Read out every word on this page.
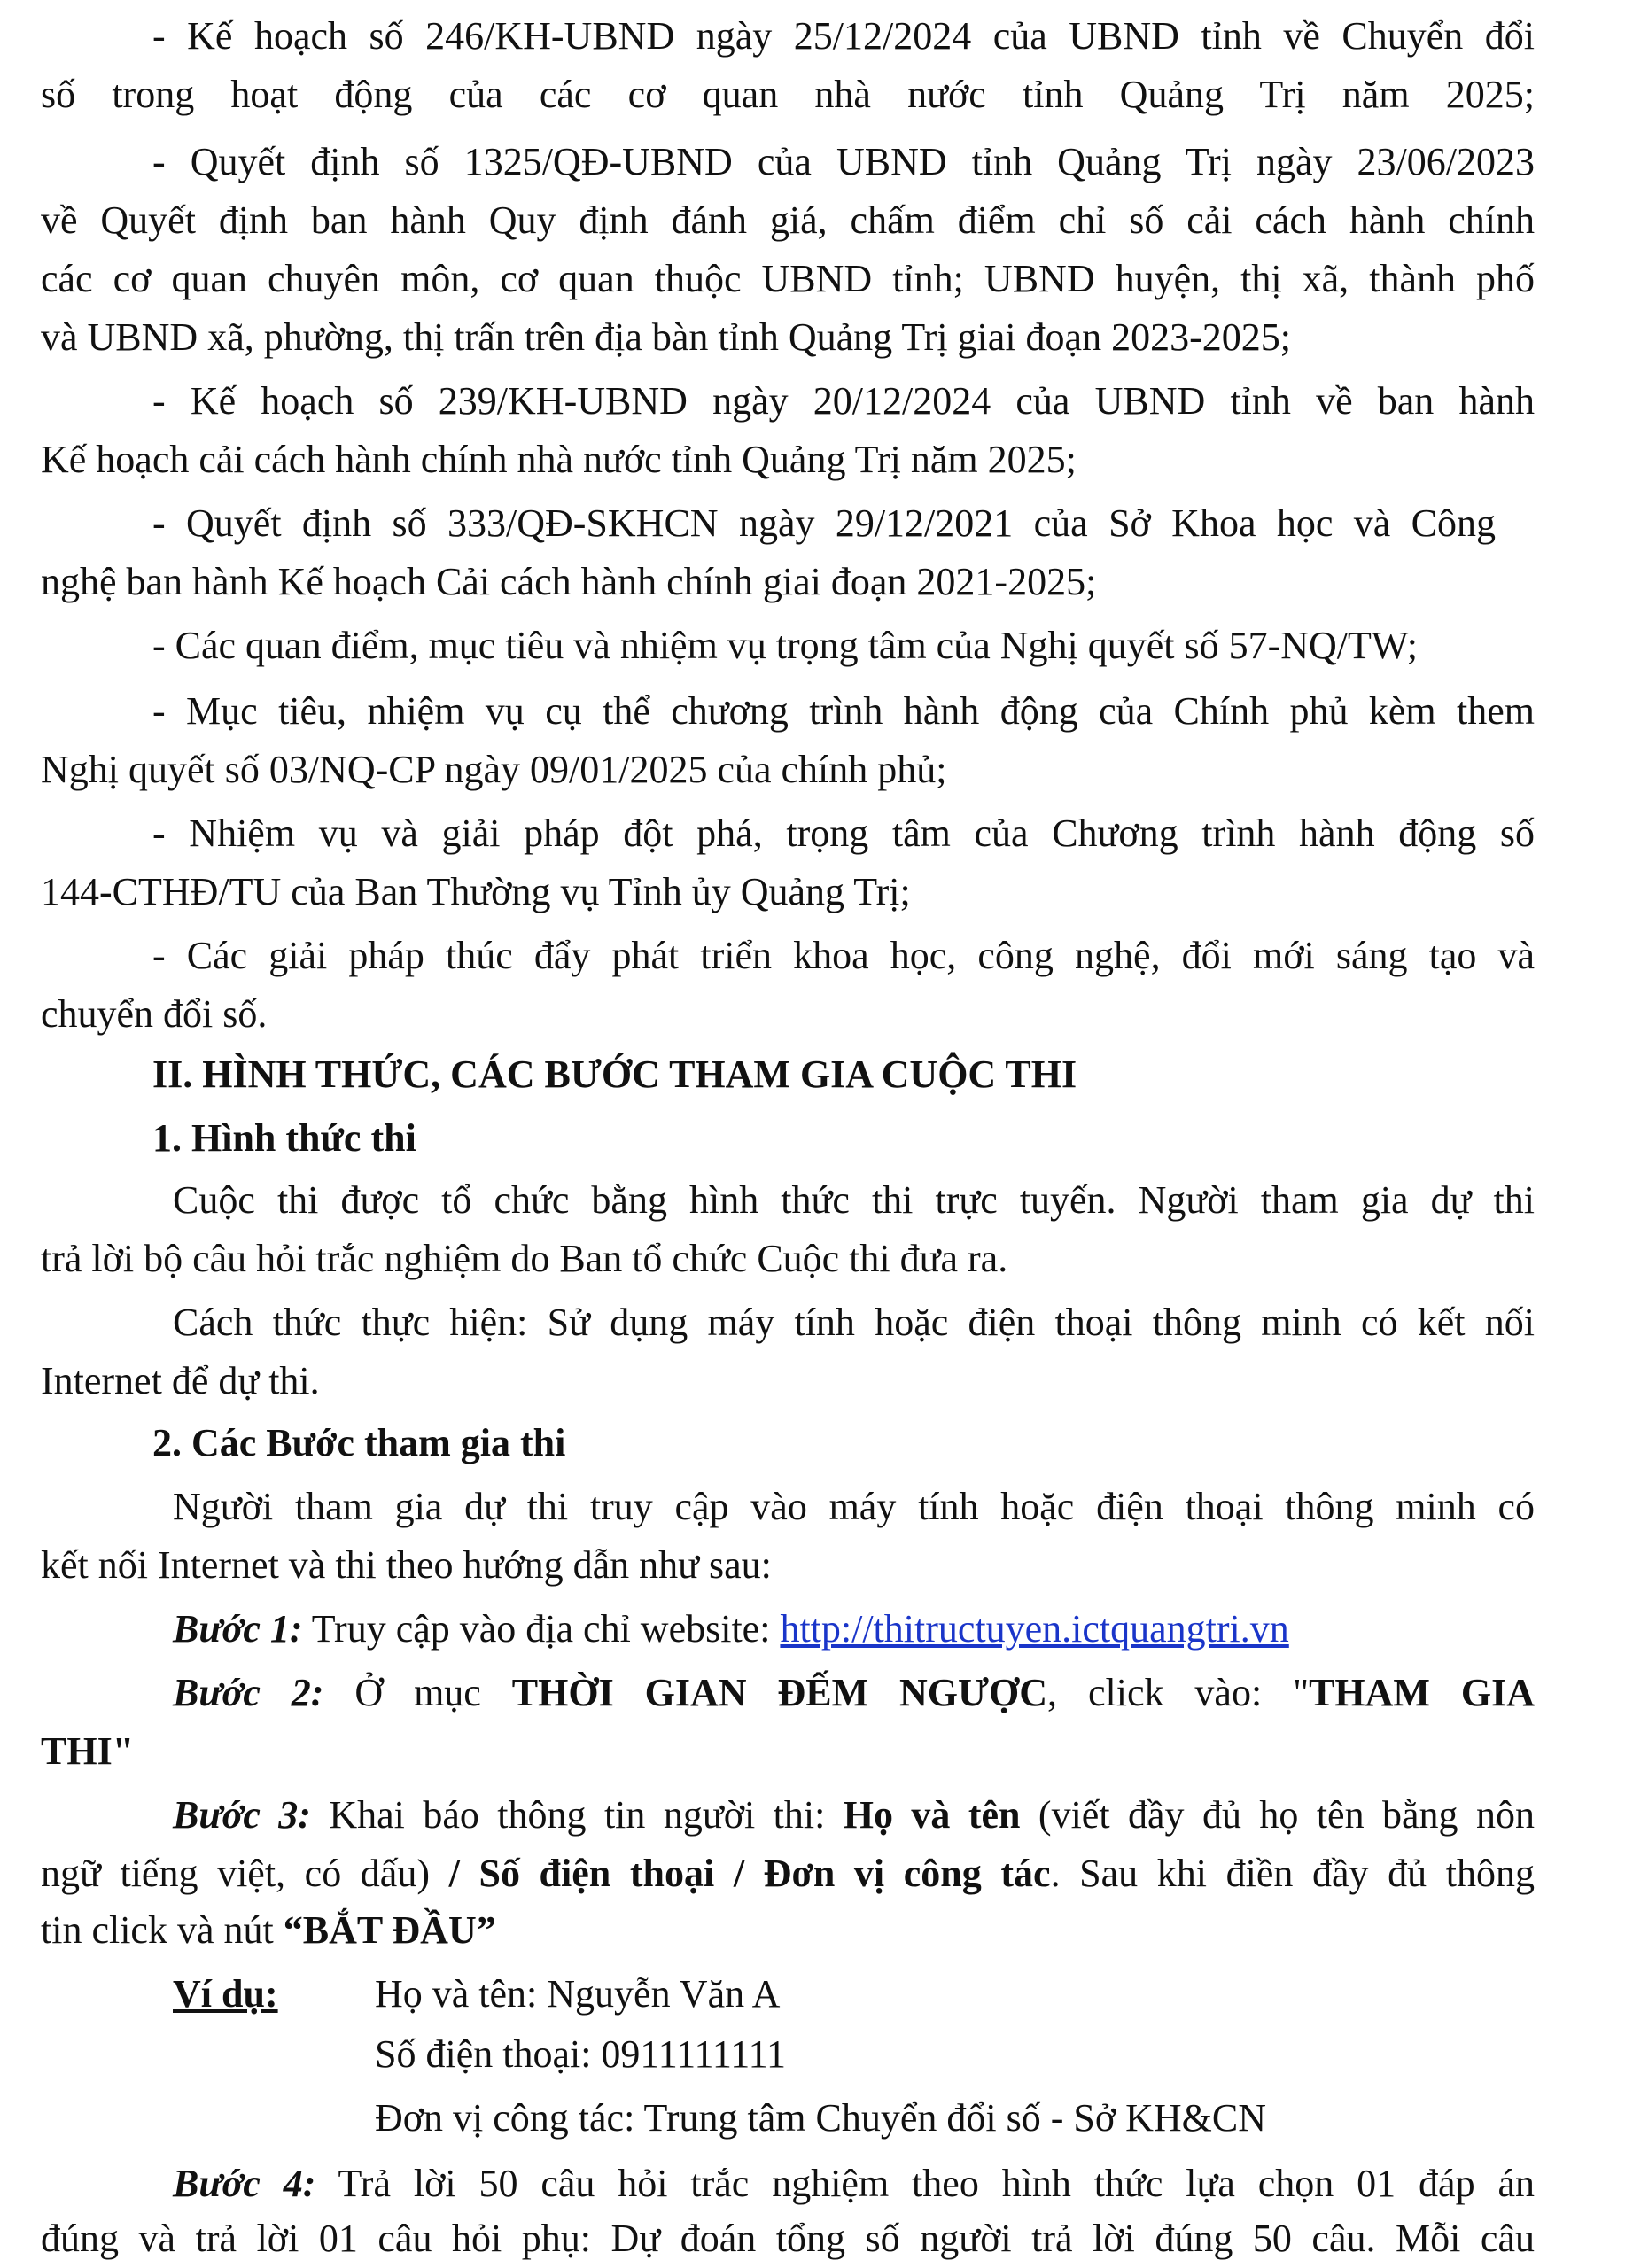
- Kế hoạch số 246/KH-UBND ngày 25/12/2024 của UBND tỉnh về Chuyển đổi
số trong hoạt động của các cơ quan nhà nước tỉnh Quảng Trị năm 2025;
- Quyết định số 1325/QĐ-UBND của UBND tỉnh Quảng Trị ngày 23/06/2023
về Quyết định ban hành Quy định đánh giá, chấm điểm chỉ số cải cách hành chính
các cơ quan chuyên môn, cơ quan thuộc UBND tỉnh; UBND huyện, thị xã, thành phố
và UBND xã, phường, thị trấn trên địa bàn tỉnh Quảng Trị giai đoạn 2023-2025;
- Kế hoạch số 239/KH-UBND ngày 20/12/2024 của UBND tỉnh về ban hành
Kế hoạch cải cách hành chính nhà nước tỉnh Quảng Trị năm 2025;
- Quyết định số 333/QĐ-SKHCN ngày 29/12/2021 của Sở Khoa học và Công
nghệ ban hành Kế hoạch Cải cách hành chính giai đoạn 2021-2025;
- Các quan điểm, mục tiêu và nhiệm vụ trọng tâm của Nghị quyết số 57-NQ/TW;
- Mục tiêu, nhiệm vụ cụ thể chương trình hành động của Chính phủ kèm them
Nghị quyết số 03/NQ-CP ngày 09/01/2025 của chính phủ;
- Nhiệm vụ và giải pháp đột phá, trọng tâm của Chương trình hành động số
144-CTHĐ/TU của Ban Thường vụ Tỉnh ủy Quảng Trị;
- Các giải pháp thúc đẩy phát triển khoa học, công nghệ, đổi mới sáng tạo và
chuyển đổi số.
II. HÌNH THỨC, CÁC BƯỚC THAM GIA CUỘC THI
1. Hình thức thi
Cuộc thi được tổ chức bằng hình thức thi trực tuyến. Người tham gia dự thi
trả lời bộ câu hỏi trắc nghiệm do Ban tổ chức Cuộc thi đưa ra.
Cách thức thực hiện: Sử dụng máy tính hoặc điện thoại thông minh có kết nối
Internet để dự thi.
2. Các Bước tham gia thi
Người tham gia dự thi truy cập vào máy tính hoặc điện thoại thông minh có
kết nối Internet và thi theo hướng dẫn như sau:
Bước 1: Truy cập vào địa chỉ website: http://thitructuyen.ictquangtri.vn
Bước 2: Ở mục THỜI GIAN ĐẾM NGƯỢC, click vào: "THAM GIA
THI"
Bước 3: Khai báo thông tin người thi: Họ và tên (viết đầy đủ họ tên bằng nôn
ngữ tiếng việt, có dấu) / Số điện thoại / Đơn vị công tác. Sau khi điền đầy đủ thông
tin click và nút “BẮT ĐẦU”
Ví dụ: Họ và tên: Nguyễn Văn A
Số điện thoại: 0911111111
Đơn vị công tác: Trung tâm Chuyển đổi số - Sở KH&CN
Bước 4: Trả lời 50 câu hỏi trắc nghiệm theo hình thức lựa chọn 01 đáp án
đúng và trả lời 01 câu hỏi phụ: Dự đoán tổng số người trả lời đúng 50 câu. Mỗi câu
